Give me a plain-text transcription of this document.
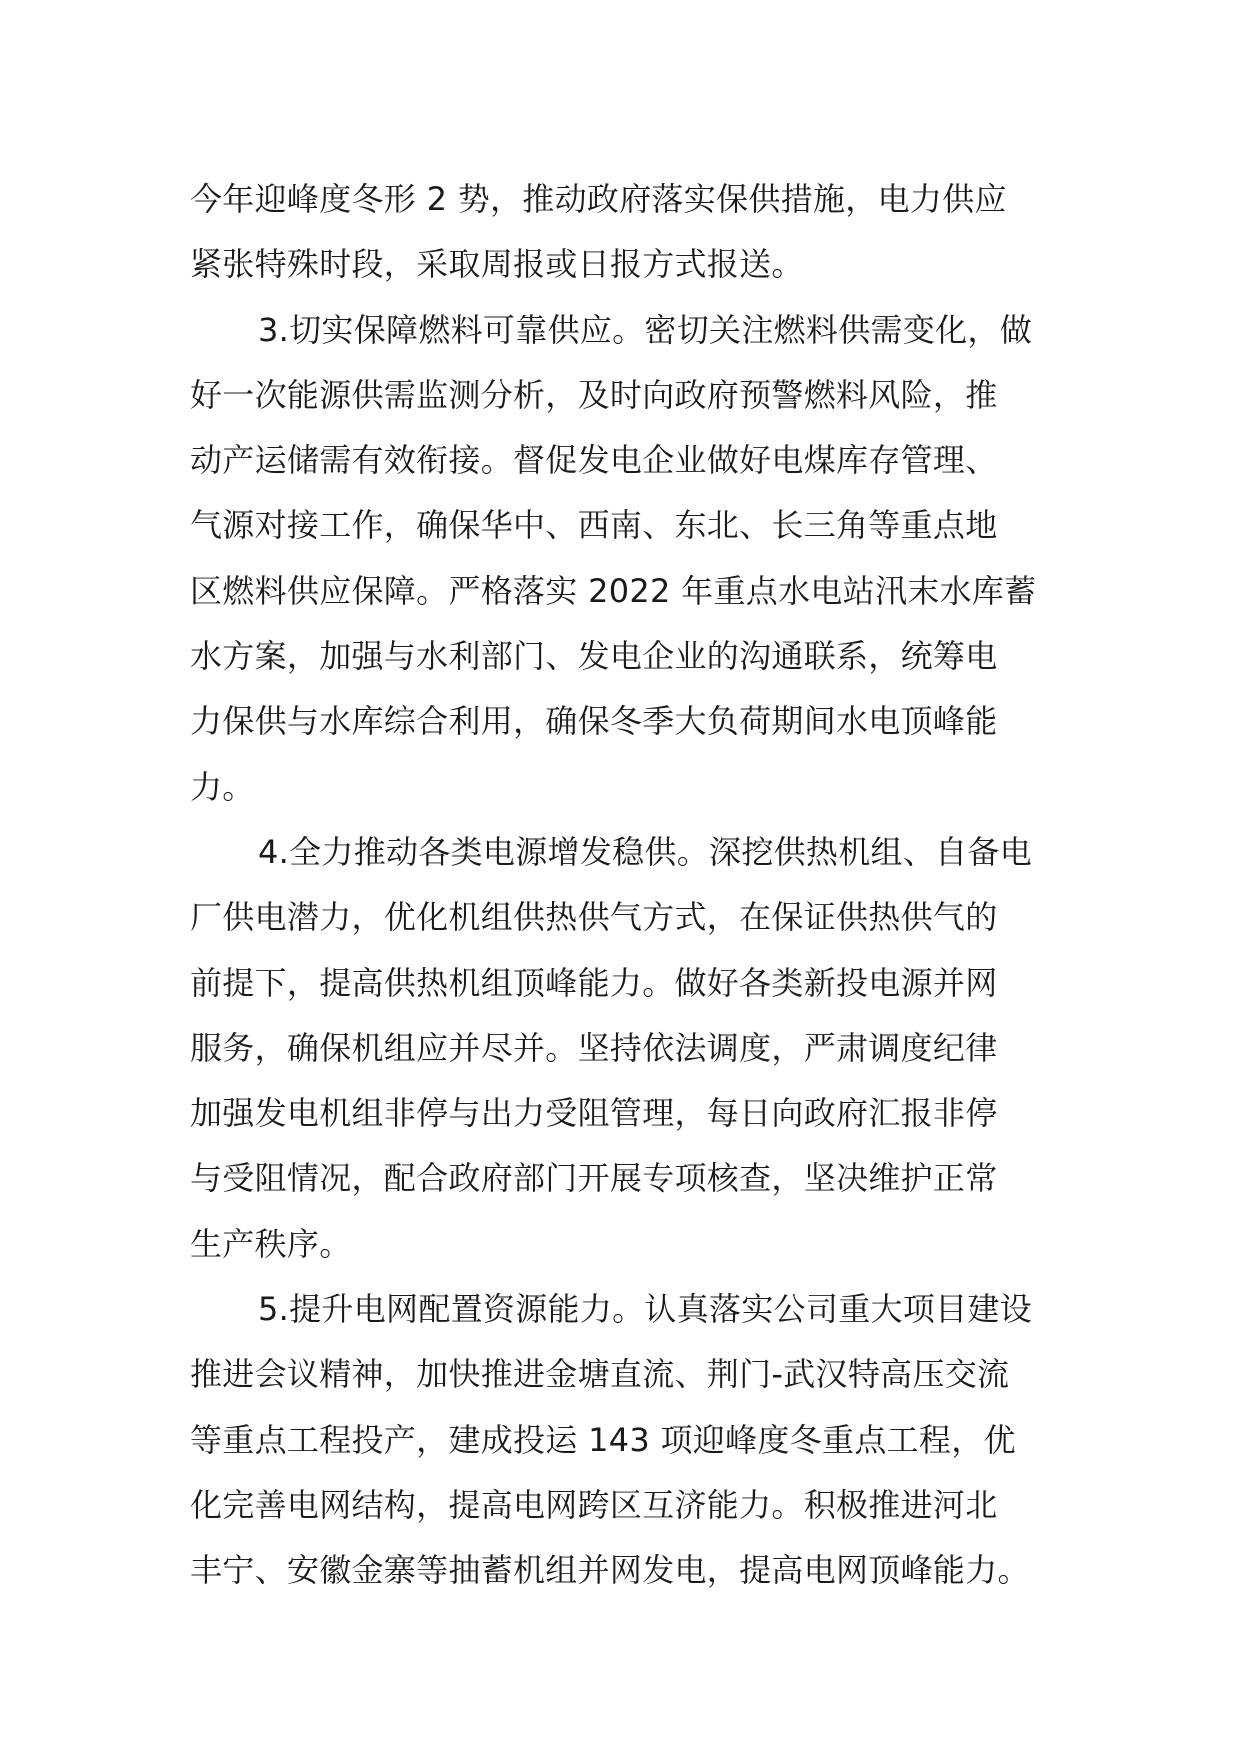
今年迎峰度冬形 2 势，推动政府落实保供措施，电力供应
紧张特殊时段，采取周报或日报方式报送。
3.切实保障燃料可靠供应。密切关注燃料供需变化，做
好一次能源供需监测分析，及时向政府预警燃料风险，推
动产运储需有效衔接。督促发电企业做好电煤库存管理、
气源对接工作，确保华中、西南、东北、长三角等重点地
区燃料供应保障。严格落实 2022 年重点水电站汛末水库蓄
水方案，加强与水利部门、发电企业的沟通联系，统筹电
力保供与水库综合利用，确保冬季大负荷期间水电顶峰能
力。
4.全力推动各类电源增发稳供。深挖供热机组、自备电
厂供电潜力，优化机组供热供气方式，在保证供热供气的
前提下，提高供热机组顶峰能力。做好各类新投电源并网
服务，确保机组应并尽并。坚持依法调度，严肃调度纪律
加强发电机组非停与出力受阻管理，每日向政府汇报非停
与受阻情况，配合政府部门开展专项核查，坚决维护正常
生产秩序。
5.提升电网配置资源能力。认真落实公司重大项目建设
推进会议精神，加快推进金塘直流、荆门-武汉特高压交流
等重点工程投产，建成投运 143 项迎峰度冬重点工程，优
化完善电网结构，提高电网跨区互济能力。积极推进河北
丰宁、安徽金寨等抽蓄机组并网发电，提高电网顶峰能力。
